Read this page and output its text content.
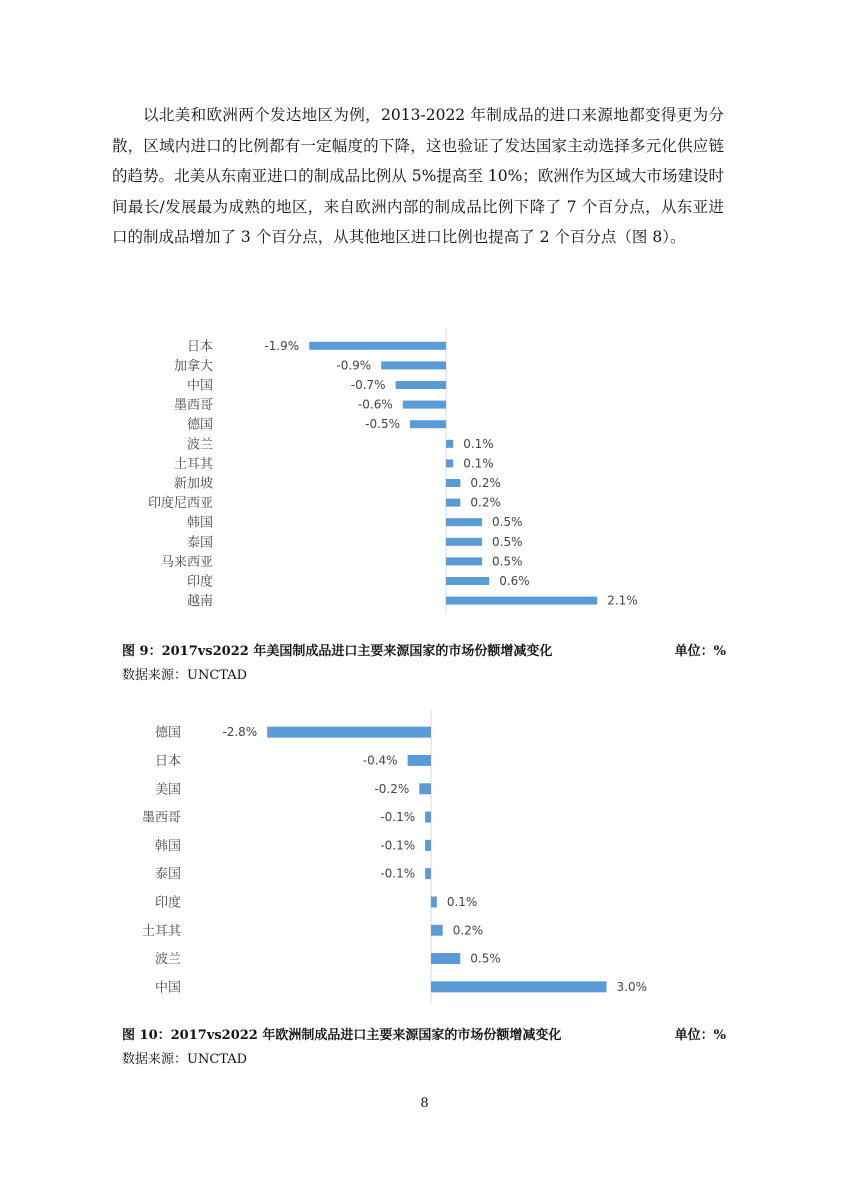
以北美和欧洲两个发达地区为例，2013-2022 年制成品的进口来源地都变得更为分散，区域内进口的比例都有一定幅度的下降，这也验证了发达国家主动选择多元化供应链的趋势。北美从东南亚进口的制成品比例从 5%提高至 10%；欧洲作为区域大市场建设时间最长/发展最为成熟的地区，来自欧洲内部的制成品比例下降了 7 个百分点，从东亚进口的制成品增加了 3 个百分点，从其他地区进口比例也提高了 2 个百分点（图 8）。

日本	-1.9%
加拿大	-0.9%
中国	-0.7%
墨西哥	-0.6%
德国	-0.5%
波兰	0.1%
土耳其	0.1%
新加坡	0.2%
印度尼西亚	0.2%
韩国	0.5%
泰国	0.5%
马来西亚	0.5%
印度	0.6%
越南	2.1%
图 9：2017vs2022 年美国制成品进口主要来源国家的市场份额增减变化	单位：%

数据来源：UNCTAD

德国	-2.8%
日本	-0.4%
美国	-0.2%
墨西哥	-0.1%
韩国	-0.1%
泰国	-0.1%
印度	0.1%
土耳其	0.2%
波兰	0.5%
中国	3.0%
图 10：2017vs2022 年欧洲制成品进口主要来源国家的市场份额增减变化	单位：%

数据来源：UNCTAD

8
